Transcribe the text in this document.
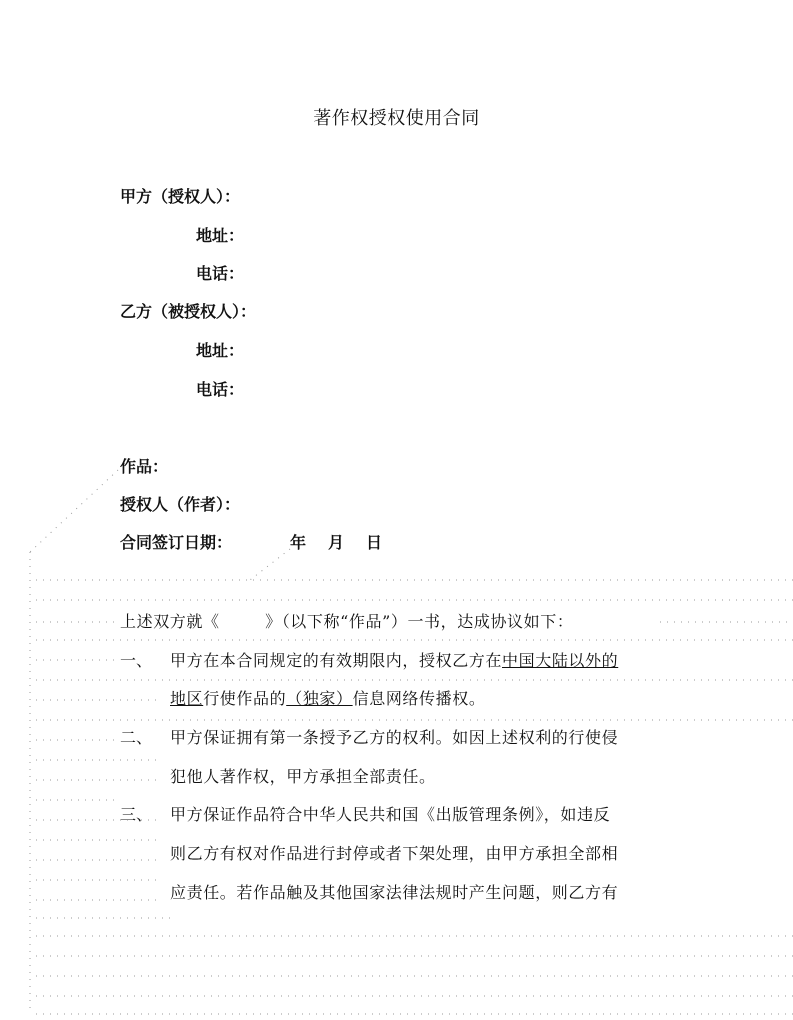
著作权授权使用合同
甲方（授权人）：
地址：
电话：
乙方（被授权人）：
地址：
电话：
作品：
授权人（作者）：
合同签订日期：	年 月 日
上述双方就《        》（以下称“作品”）一书，达成协议如下：
一、 甲方在本合同规定的有效期限内，授权乙方在中国大陆以外的
地区行使作品的（独家）信息网络传播权。
二、 甲方保证拥有第一条授予乙方的权利。如因上述权利的行使侵
犯他人著作权，甲方承担全部责任。
三、 甲方保证作品符合中华人民共和国《出版管理条例》，如违反
则乙方有权对作品进行封停或者下架处理，由甲方承担全部相
应责任。若作品触及其他国家法律法规时产生问题，则乙方有
